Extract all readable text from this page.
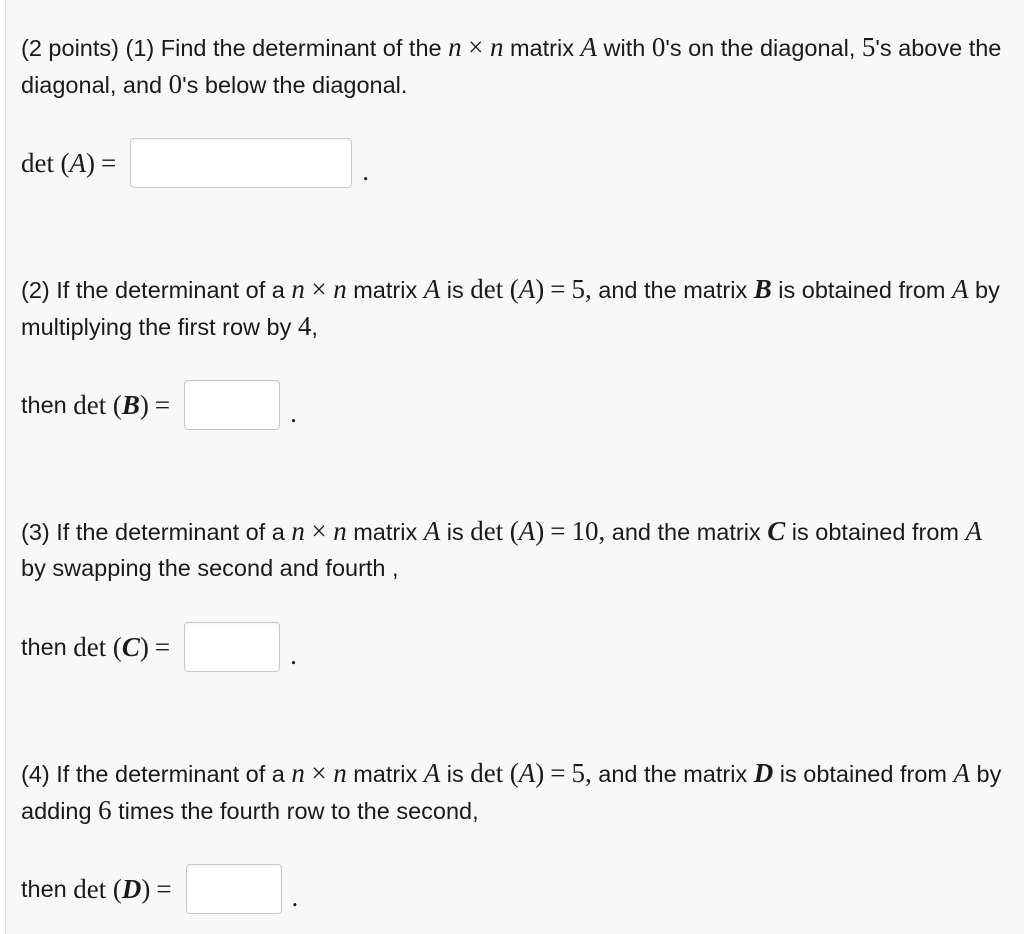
(2 points) (1) Find the determinant of the n × n matrix A with 0's on the diagonal, 5's above the diagonal, and 0's below the diagonal.

det
( A ) =	.

(2) If the determinant of a n × n matrix A is det (A) = 5, and the matrix B is obtained from A by multiplying the first row by 4,

then
det
( B ) =	.

(3) If the determinant of a n × n matrix A is det (A) = 10, and the matrix C is obtained from A by swapping the second and fourth ,

then
det
( C ) =	.

(4) If the determinant of a n × n matrix A is det (A) = 5, and the matrix D is obtained from A by adding 6 times the fourth row to the second,

then
det
( D ) =	.
